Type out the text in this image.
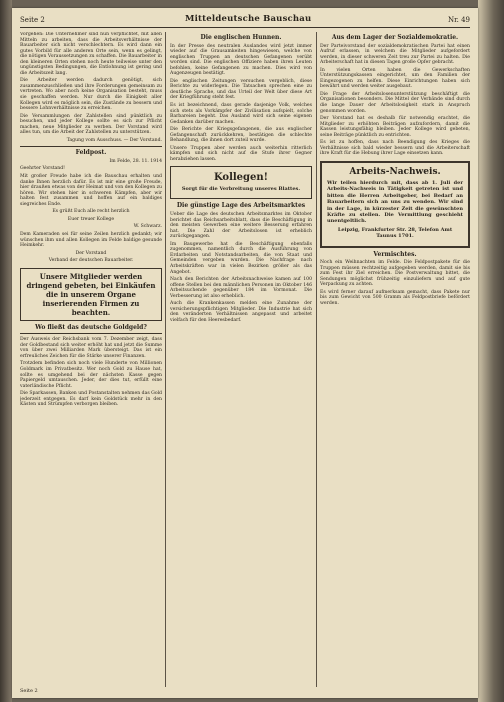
Seite 2	Mitteldeutsche Bauschau	Nr. 49

Vorgehen: Die Unternehmer sind nun verpflichtet, mit allen Mitteln zu arbeiten, dass die Arbeitsverhältnisse der Bauarbeiter sich nicht verschlechtern. Es wird dann ein gutes Vorbild für alle anderen Orte sein, wenn es gelingt, die nötigen Voraussetzungen zu schaffen. Die Bauarbeiter in den kleineren Orten stehen noch heute teilweise unter den ungünstigsten Bedingungen, die Entlohnung ist gering und die Arbeitszeit lang.

Die Arbeiter werden dadurch genötigt, sich zusammenzuschließen und ihre Forderungen gemeinsam zu vertreten. Wo aber noch keine Organisation besteht, muss sie geschaffen werden. Nur durch die Einigkeit aller Kollegen wird es möglich sein, die Zustände zu bessern und bessere Lohnverhältnisse zu erreichen.

Die Versammlungen der Zahlstellen sind pünktlich zu besuchen, und jeder Kollege sollte es sich zur Pflicht machen, neue Mitglieder zu werben. Der Vorstand wird alles tun, um die Arbeit der Zahlstellen zu unterstützen.

Tagung vom Ausschuss. — Der Vorstand.

Feldpost.

Im Felde, 28. 11. 1914

Geehrter Vorstand!

Mit großer Freude habe ich die Bauschau erhalten und danke Ihnen herzlich dafür. Es ist mir eine große Freude, hier draußen etwas von der Heimat und von den Kollegen zu hören. Wir stehen hier in schweren Kämpfen, aber wir halten fest zusammen und hoffen auf ein baldiges siegreiches Ende.

Es grüßt Euch alle recht herzlich

Euer treuer Kollege

W. Schwarz.

Dem Kameraden sei für seine Zeilen herzlich gedankt; wir wünschen ihm und allen Kollegen im Felde baldige gesunde Heimkehr.

Der Vorstand

Verband der deutschen Bauarbeiter.

Unsere Mitglieder werden dringend gebeten, bei Einkäufen die in unserem Organe inserierenden Firmen zu beachten.

Wo fließt das deutsche Goldgeld?

Der Ausweis der Reichsbank vom 7. Dezember zeigt, dass der Goldbestand sich weiter erhöht hat und jetzt die Summe von über zwei Milliarden Mark übersteigt. Das ist ein erfreuliches Zeichen für die Stärke unserer Finanzen.

Trotzdem befinden sich noch viele Hunderte von Millionen Goldmark im Privatbesitz. Wer noch Gold zu Hause hat, sollte es umgehend bei der nächsten Kasse gegen Papiergeld umtauschen. Jeder, der dies tut, erfüllt eine vaterländische Pflicht.

Die Sparkassen, Banken und Postanstalten nehmen das Gold jederzeit entgegen. Es darf kein Goldstück mehr in den Kästen und Strümpfen verborgen bleiben.

Die englischen Hunnen.

In der Presse des neutralen Auslandes wird jetzt immer wieder auf die Grausamkeiten hingewiesen, welche von englischen Truppen an deutschen Gefangenen verübt worden sind. Die englischen Offiziere haben ihren Leuten befohlen, keine Gefangenen zu machen. Dies wird von Augenzeugen bestätigt.

Die englischen Zeitungen versuchen vergeblich, diese Berichte zu widerlegen. Die Tatsachen sprechen eine zu deutliche Sprache, und das Urteil der Welt über diese Art der Kriegführung steht fest.

Es ist bezeichnend, dass gerade dasjenige Volk, welches sich stets als Vorkämpfer der Zivilisation aufspielt, solche Barbareien begeht. Das Ausland wird sich seine eigenen Gedanken darüber machen.

Die Berichte der Kriegsgefangenen, die aus englischer Gefangenschaft zurückkehren, bestätigen die schlechte Behandlung, die ihnen dort zuteil wurde.

Unsere Truppen aber werden auch weiterhin ritterlich kämpfen und sich nicht auf die Stufe ihrer Gegner herabziehen lassen.

Kollegen!
Sorgt für die Verbreitung unseres Blattes.

Die günstige Lage des Arbeitsmarktes

Ueber die Lage des deutschen Arbeitsmarktes im Oktober berichtet das Reichsarbeitsblatt, dass die Beschäftigung in den meisten Gewerben eine weitere Besserung erfahren hat. Die Zahl der Arbeitslosen ist erheblich zurückgegangen.

Im Baugewerbe hat die Beschäftigung ebenfalls zugenommen, namentlich durch die Ausführung von Erdarbeiten und Notstandsarbeiten, die von Staat und Gemeinden vergeben wurden. Die Nachfrage nach Arbeitskräften war in vielen Bezirken größer als das Angebot.

Nach den Berichten der Arbeitsnachweise kamen auf 100 offene Stellen bei den männlichen Personen im Oktober 146 Arbeitsuchende gegenüber 184 im Vormonat. Die Verbesserung ist also erheblich.

Auch die Krankenkassen melden eine Zunahme der versicherungspflichtigen Mitglieder. Die Industrie hat sich den veränderten Verhältnissen angepasst und arbeitet vielfach für den Heeresbedarf.

Aus dem Lager der Sozialdemokratie.

Der Parteivorstand der sozialdemokratischen Partei hat einen Aufruf erlassen, in welchem die Mitglieder aufgefordert werden, in dieser schweren Zeit treu zur Partei zu halten. Die Arbeiterschaft hat in diesen Tagen große Opfer gebracht.

In vielen Orten haben die Gewerkschaften Unterstützungskassen eingerichtet, um den Familien der Eingezogenen zu helfen. Diese Einrichtungen haben sich bewährt und werden weiter ausgebaut.

Die Frage der Arbeitslosenunterstützung beschäftigt die Organisationen besonders. Die Mittel der Verbände sind durch die lange Dauer der Arbeitslosigkeit stark in Anspruch genommen worden.

Der Vorstand hat es deshalb für notwendig erachtet, die Mitglieder zu erhöhten Beiträgen aufzufordern, damit die Kassen leistungsfähig bleiben. Jeder Kollege wird gebeten, seine Beiträge pünktlich zu entrichten.

Es ist zu hoffen, dass nach Beendigung des Krieges die Verhältnisse sich bald wieder bessern und die Arbeiterschaft ihre Kraft für die Hebung ihrer Lage einsetzen kann.

Arbeits-Nachweis.

Wir teilen hierdurch mit, dass ab 1. Juli der Arbeits-Nachweis in Tätigkeit getreten ist und bitten die Herren Arbeitgeber, bei Bedarf an Bauarbeitern sich an uns zu wenden. Wir sind in der Lage, in kürzester Zeit die gewünschten Kräfte zu stellen. Die Vermittlung geschieht unentgeltlich.

Leipzig, Frankfurter Str. 28, Telefon Amt Taunus 1701.

Vermischtes.

Noch ein Weihnachten im Felde. Die Feldpostpakete für die Truppen müssen rechtzeitig aufgegeben werden, damit sie bis zum Fest ihr Ziel erreichen. Die Postverwaltung bittet, die Sendungen möglichst frühzeitig einzuliefern und auf gute Verpackung zu achten.

Es wird ferner darauf aufmerksam gemacht, dass Pakete nur bis zum Gewicht von 500 Gramm als Feldpostbriefe befördert werden.

Seite 2
